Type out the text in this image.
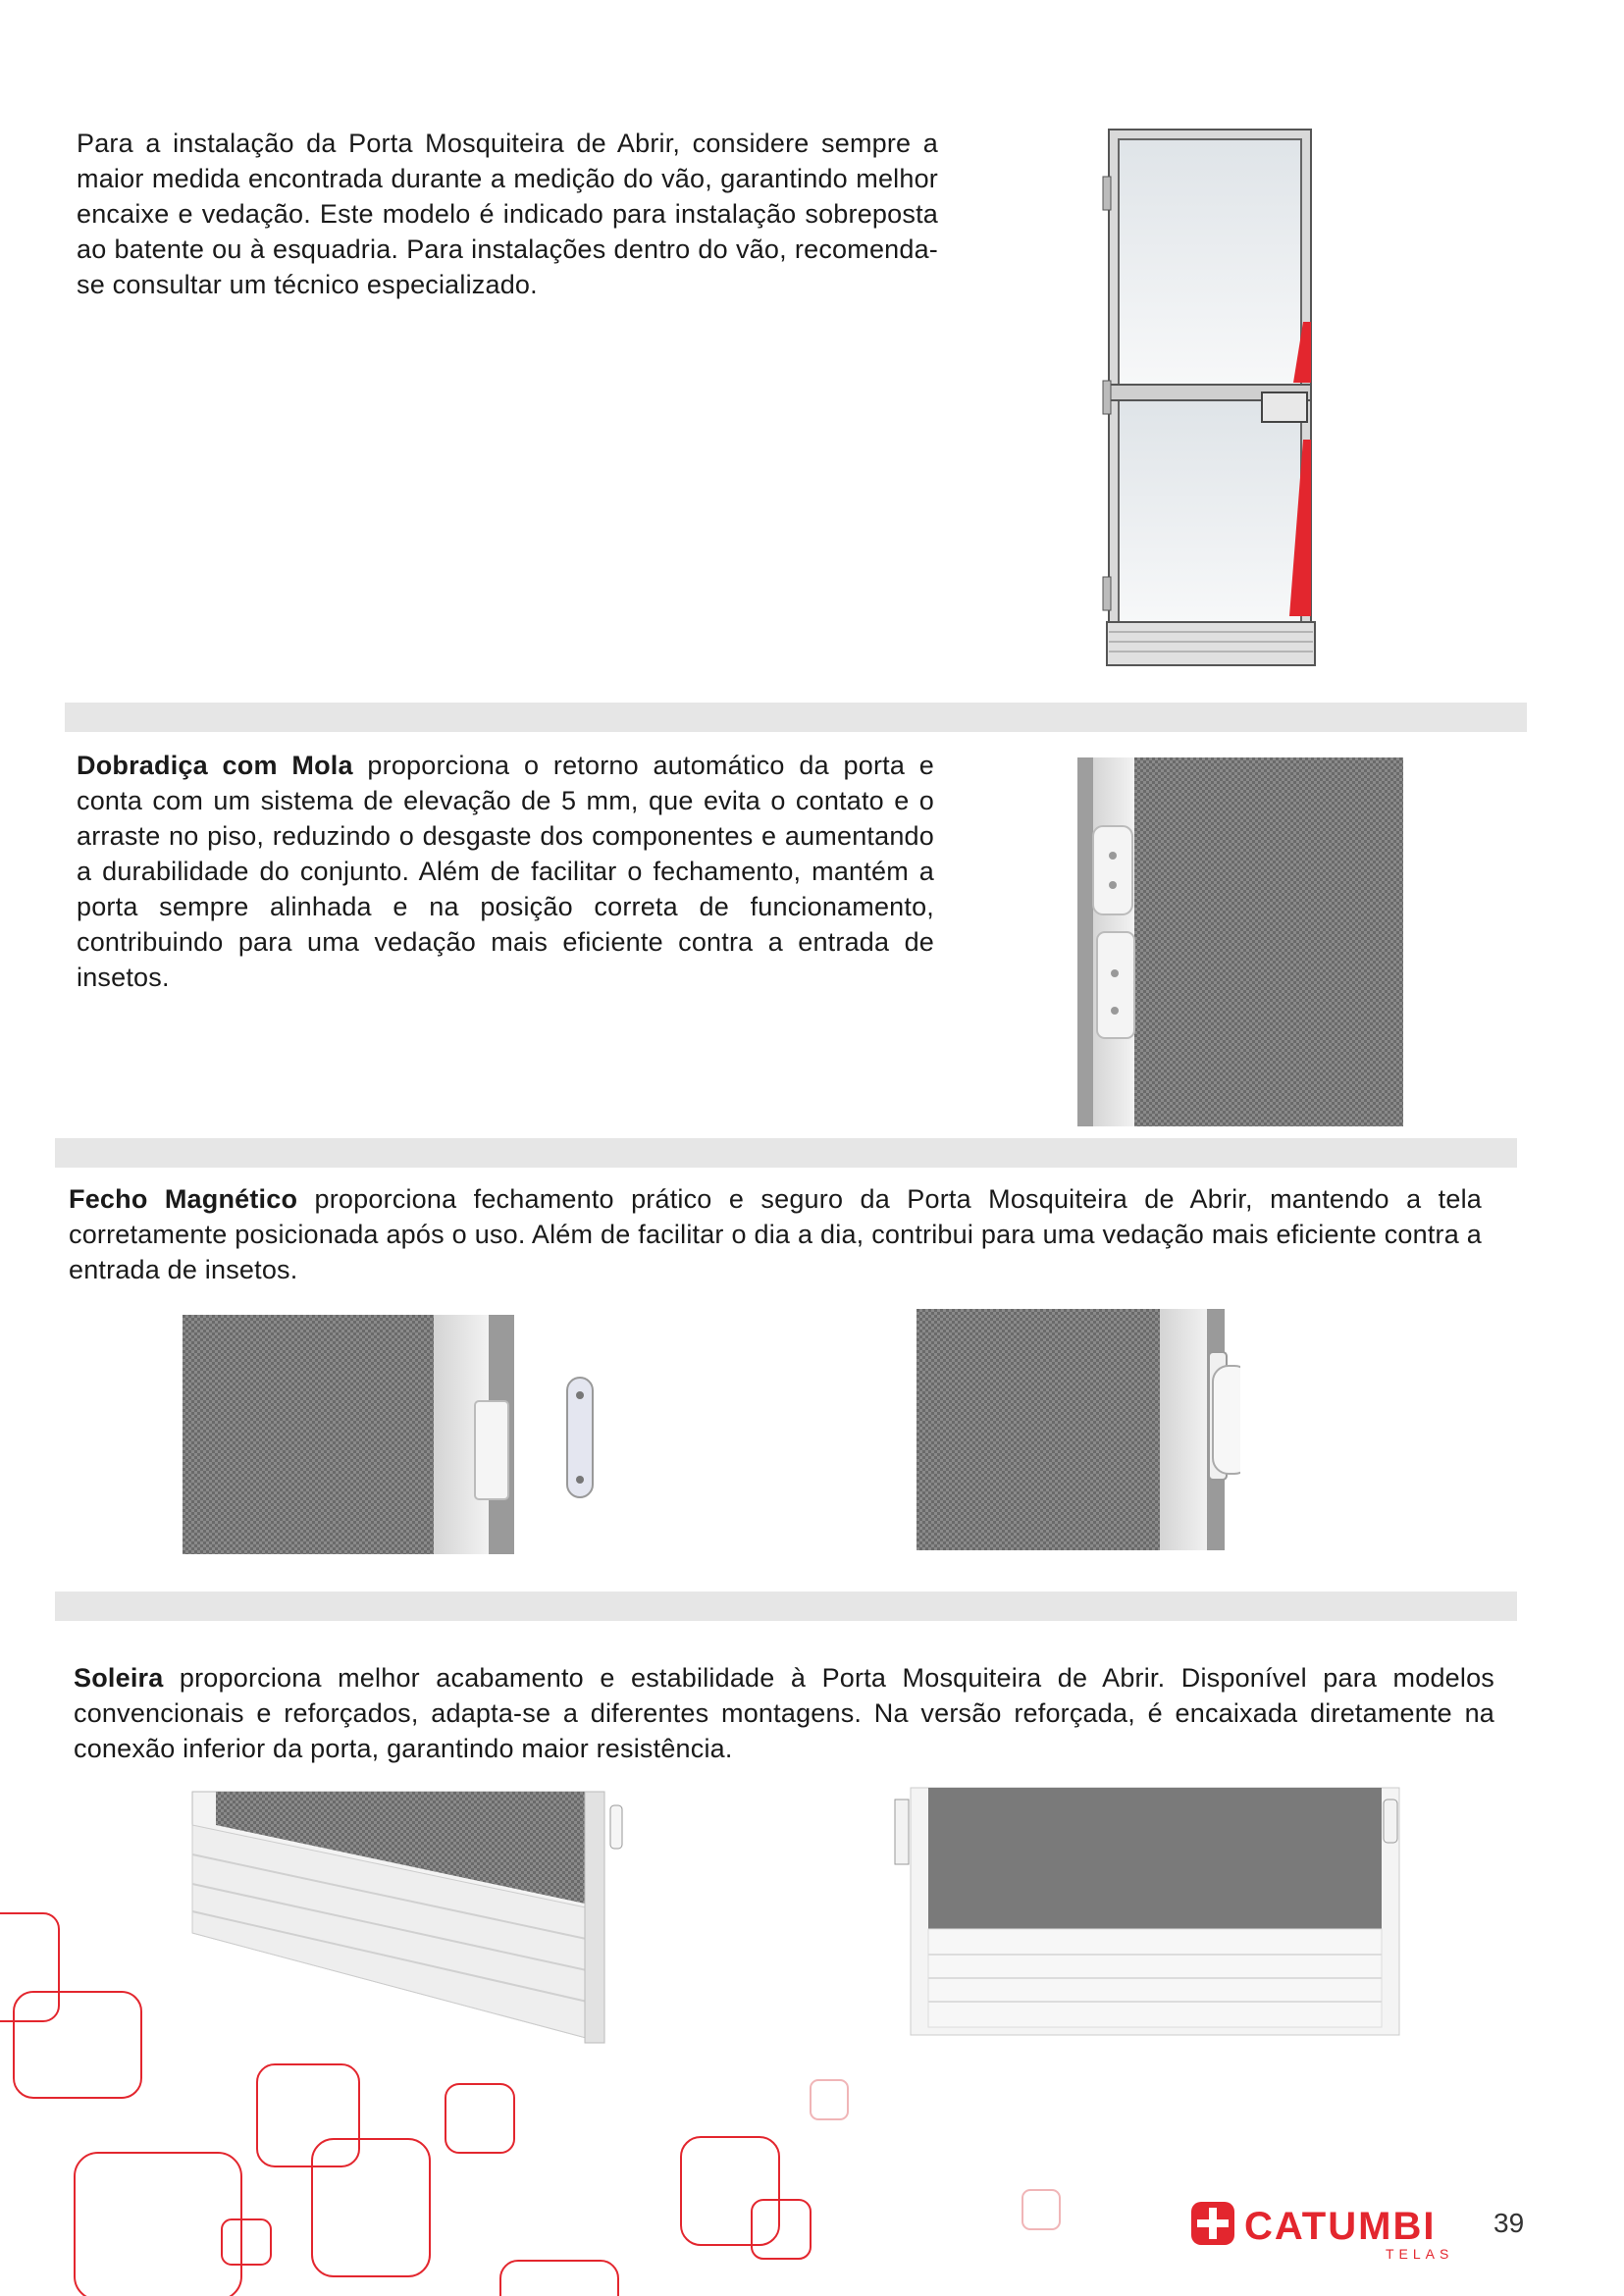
Para a instalação da Porta Mosquiteira de Abrir, considere sempre a maior medida encontrada durante a medição do vão, garantindo melhor encaixe e vedação. Este modelo é indicado para instalação sobreposta ao batente ou à esquadria. Para instalações dentro do vão, recomenda-se consultar um técnico especializado.
Dobradiça com Mola proporciona o retorno automático da porta e conta com um sistema de elevação de 5 mm, que evita o contato e o arraste no piso, reduzindo o desgaste dos componentes e aumentando a durabilidade do conjunto. Além de facilitar o fechamento, mantém a porta sempre alinhada e na posição correta de funcionamento, contribuindo para uma vedação mais eficiente contra a entrada de insetos.
Fecho Magnético proporciona fechamento prático e seguro da Porta Mosquiteira de Abrir, mantendo a tela corretamente posicionada após o uso. Além de facilitar o dia a dia, contribui para uma vedação mais eficiente contra a entrada de insetos.
Soleira proporciona melhor acabamento e estabilidade à Porta Mosquiteira de Abrir. Disponível para modelos convencionais e reforçados, adapta-se a diferentes montagens. Na versão reforçada, é encaixada diretamente na conexão inferior da porta, garantindo maior resistência.
CATUMBI
TELAS
39
